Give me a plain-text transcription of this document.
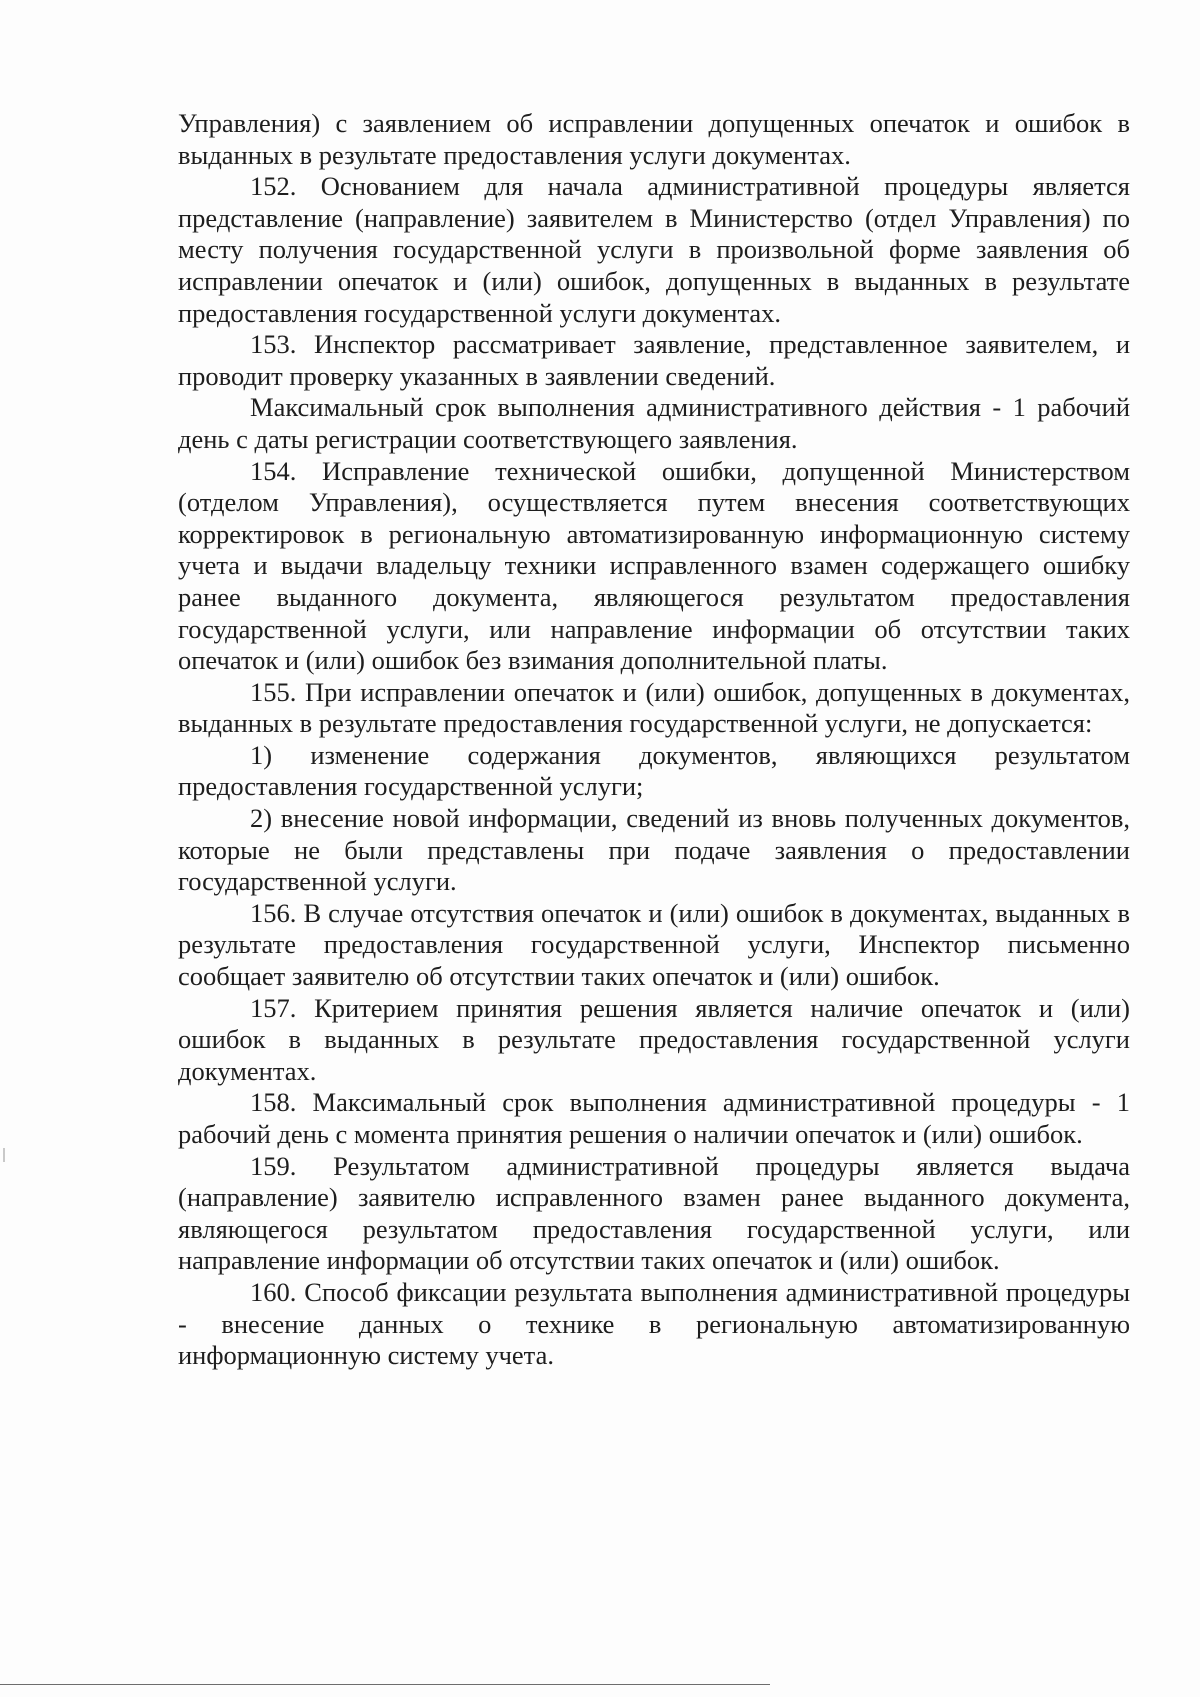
Управления) с заявлением об исправлении допущенных опечаток и ошибок в выданных в результате предоставления услуги документах.

152. Основанием для начала административной процедуры является представление (направление) заявителем в Министерство (отдел Управления) по месту получения государственной услуги в произвольной форме заявления об исправлении опечаток и (или) ошибок, допущенных в выданных в результате предоставления государственной услуги документах.

153. Инспектор рассматривает заявление, представленное заявителем, и проводит проверку указанных в заявлении сведений.

Максимальный срок выполнения административного действия - 1 рабочий день с даты регистрации соответствующего заявления.

154. Исправление технической ошибки, допущенной Министерством (отделом Управления), осуществляется путем внесения соответствующих корректировок в региональную автоматизированную информационную систему учета и выдачи владельцу техники исправленного взамен содержащего ошибку ранее выданного документа, являющегося результатом предоставления государственной услуги, или направление информации об отсутствии таких опечаток и (или) ошибок без взимания дополнительной платы.

155. При исправлении опечаток и (или) ошибок, допущенных в документах, выданных в результате предоставления государственной услуги, не допускается:

1) изменение содержания документов, являющихся результатом предоставления государственной услуги;

2) внесение новой информации, сведений из вновь полученных документов, которые не были представлены при подаче заявления о предоставлении государственной услуги.

156. В случае отсутствия опечаток и (или) ошибок в документах, выданных в результате предоставления государственной услуги, Инспектор письменно сообщает заявителю об отсутствии таких опечаток и (или) ошибок.

157. Критерием принятия решения является наличие опечаток и (или) ошибок в выданных в результате предоставления государственной услуги документах.

158. Максимальный срок выполнения административной процедуры - 1 рабочий день с момента принятия решения о наличии опечаток и (или) ошибок.

159. Результатом административной процедуры является выдача (направление) заявителю исправленного взамен ранее выданного документа, являющегося результатом предоставления государственной услуги, или направление информации об отсутствии таких опечаток и (или) ошибок.

160. Способ фиксации результата выполнения административной процедуры - внесение данных о технике в региональную автоматизированную информационную систему учета.
